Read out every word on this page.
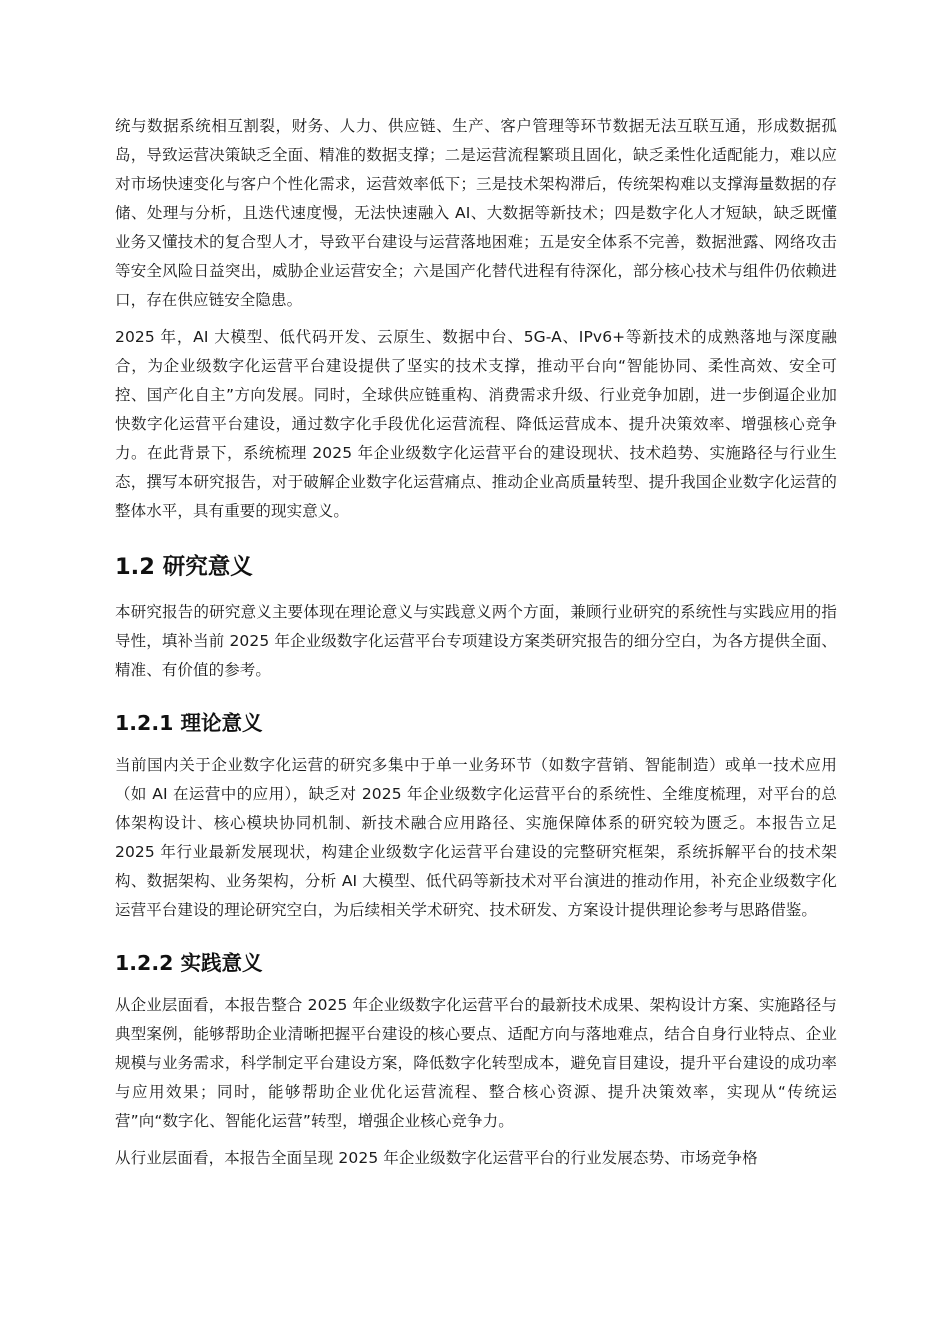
统与数据系统相互割裂，财务、人力、供应链、生产、客户管理等环节数据无法互联互通，形成数据孤岛，导致运营决策缺乏全面、精准的数据支撑；二是运营流程繁琐且固化，缺乏柔性化适配能力，难以应对市场快速变化与客户个性化需求，运营效率低下；三是技术架构滞后，传统架构难以支撑海量数据的存储、处理与分析，且迭代速度慢，无法快速融入 AI、大数据等新技术；四是数字化人才短缺，缺乏既懂业务又懂技术的复合型人才，导致平台建设与运营落地困难；五是安全体系不完善，数据泄露、网络攻击等安全风险日益突出，威胁企业运营安全；六是国产化替代进程有待深化，部分核心技术与组件仍依赖进口，存在供应链安全隐患。

2025 年，AI 大模型、低代码开发、云原生、数据中台、5G-A、IPv6+等新技术的成熟落地与深度融合，为企业级数字化运营平台建设提供了坚实的技术支撑，推动平台向“智能协同、柔性高效、安全可控、国产化自主”方向发展。同时，全球供应链重构、消费需求升级、行业竞争加剧，进一步倒逼企业加快数字化运营平台建设，通过数字化手段优化运营流程、降低运营成本、提升决策效率、增强核心竞争力。在此背景下，系统梳理 2025 年企业级数字化运营平台的建设现状、技术趋势、实施路径与行业生态，撰写本研究报告，对于破解企业数字化运营痛点、推动企业高质量转型、提升我国企业数字化运营的整体水平，具有重要的现实意义。

1.2 研究意义

本研究报告的研究意义主要体现在理论意义与实践意义两个方面，兼顾行业研究的系统性与实践应用的指导性，填补当前 2025 年企业级数字化运营平台专项建设方案类研究报告的细分空白，为各方提供全面、精准、有价值的参考。

1.2.1 理论意义

当前国内关于企业数字化运营的研究多集中于单一业务环节（如数字营销、智能制造）或单一技术应用（如 AI 在运营中的应用），缺乏对 2025 年企业级数字化运营平台的系统性、全维度梳理，对平台的总体架构设计、核心模块协同机制、新技术融合应用路径、实施保障体系的研究较为匮乏。本报告立足 2025 年行业最新发展现状，构建企业级数字化运营平台建设的完整研究框架，系统拆解平台的技术架构、数据架构、业务架构，分析 AI 大模型、低代码等新技术对平台演进的推动作用，补充企业级数字化运营平台建设的理论研究空白，为后续相关学术研究、技术研发、方案设计提供理论参考与思路借鉴。

1.2.2 实践意义

从企业层面看，本报告整合 2025 年企业级数字化运营平台的最新技术成果、架构设计方案、实施路径与典型案例，能够帮助企业清晰把握平台建设的核心要点、适配方向与落地难点，结合自身行业特点、企业规模与业务需求，科学制定平台建设方案，降低数字化转型成本，避免盲目建设，提升平台建设的成功率与应用效果；同时，能够帮助企业优化运营流程、整合核心资源、提升决策效率，实现从“传统运营”向“数字化、智能化运营”转型，增强企业核心竞争力。

从行业层面看，本报告全面呈现 2025 年企业级数字化运营平台的行业发展态势、市场竞争格
